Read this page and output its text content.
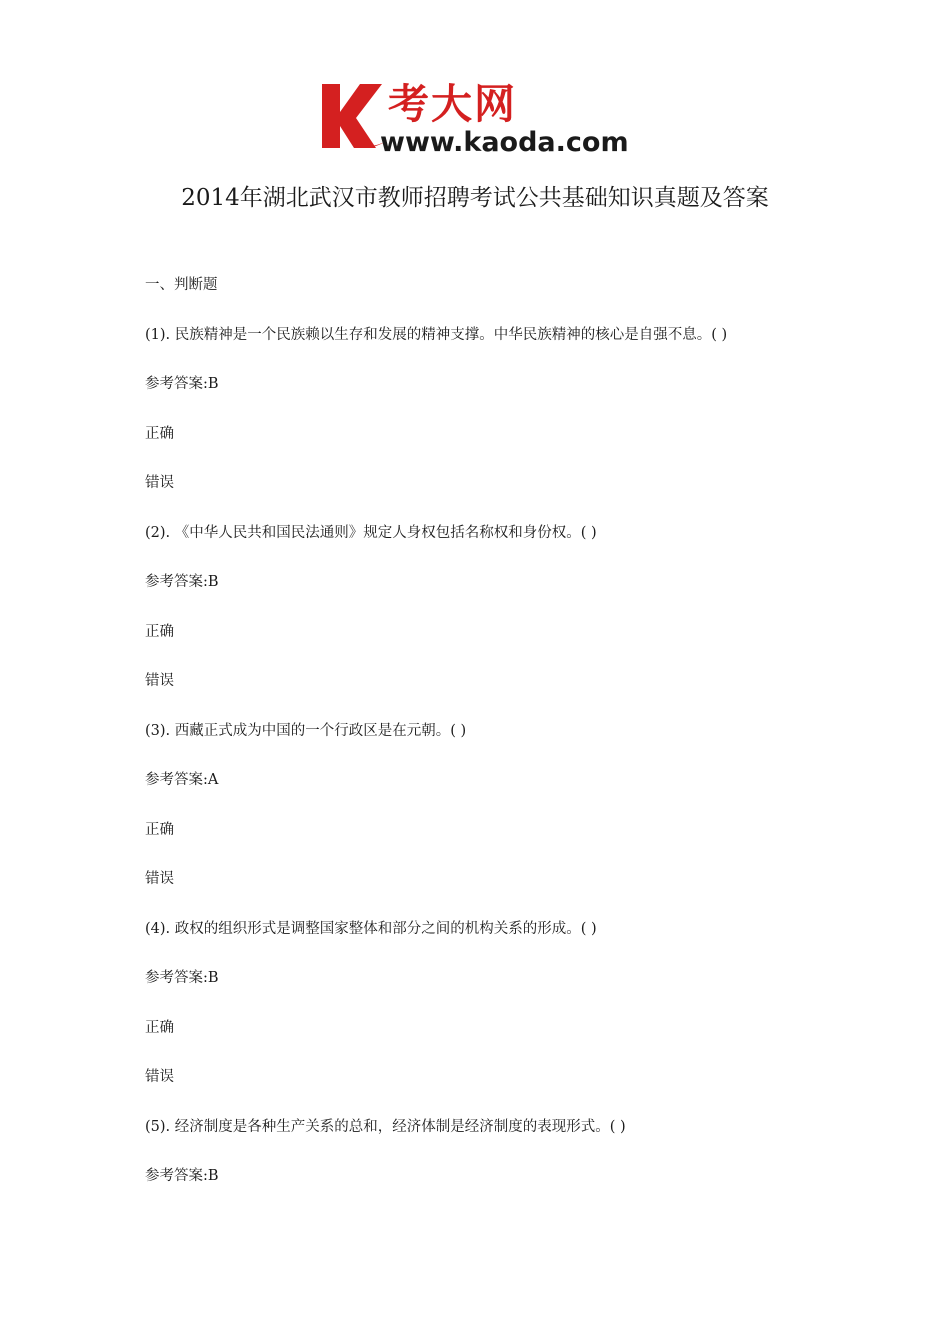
考大网
www.kaoda.com
2014年湖北武汉市教师招聘考试公共基础知识真题及答案
一、判断题
(1). 民族精神是一个民族赖以生存和发展的精神支撑。中华民族精神的核心是自强不息。( )
参考答案:B
正确
错误
(2). 《中华人民共和国民法通则》规定人身权包括名称权和身份权。( )
参考答案:B
正确
错误
(3). 西藏正式成为中国的一个行政区是在元朝。( )
参考答案:A
正确
错误
(4). 政权的组织形式是调整国家整体和部分之间的机构关系的形成。( )
参考答案:B
正确
错误
(5). 经济制度是各种生产关系的总和，经济体制是经济制度的表现形式。( )
参考答案:B
